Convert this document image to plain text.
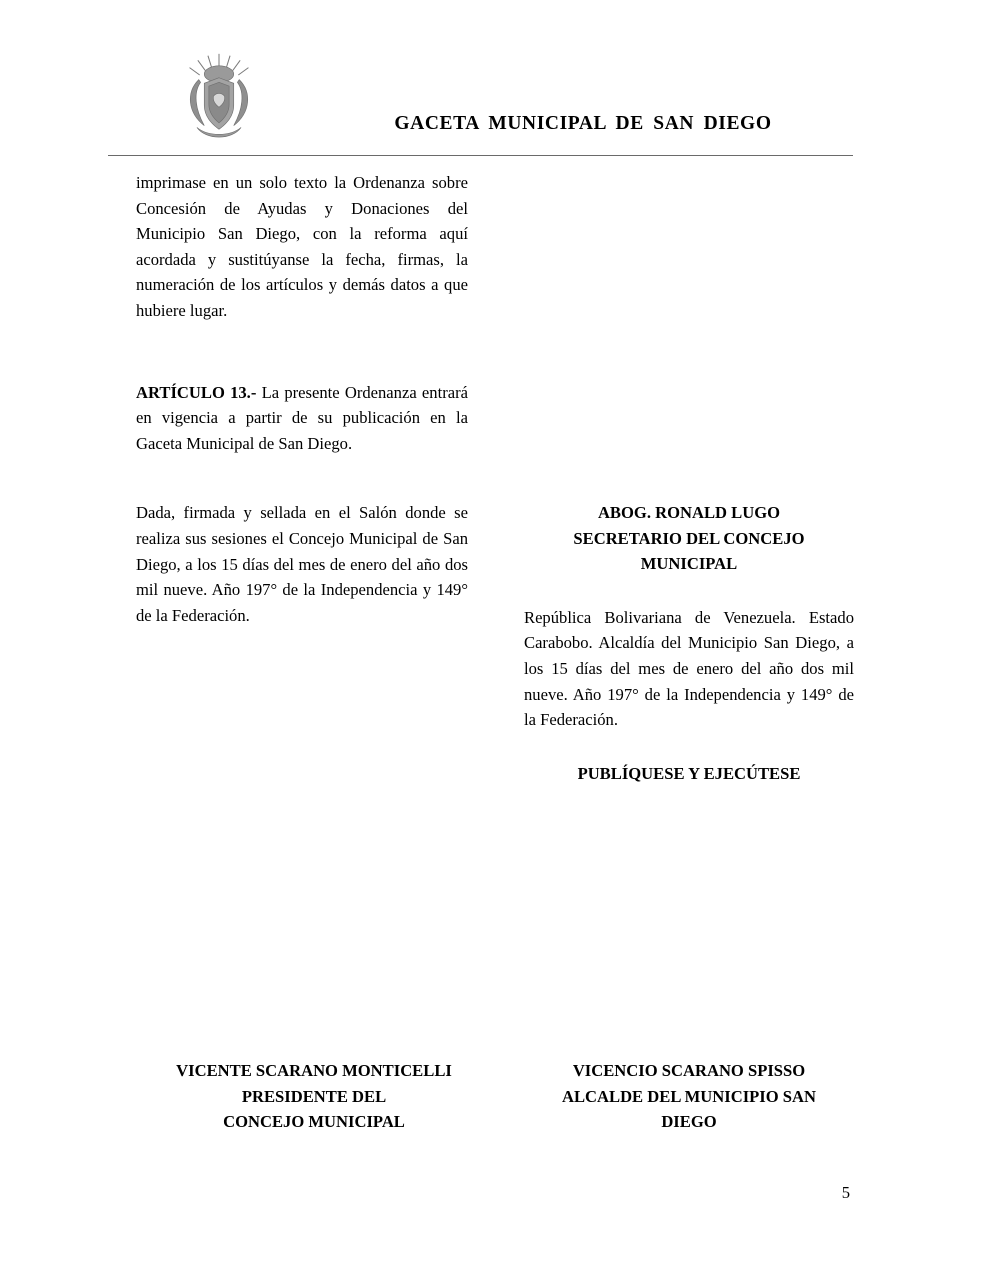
GACETA MUNICIPAL DE SAN DIEGO

imprimase en un solo texto la Ordenanza sobre Concesión de Ayudas y Donaciones del Municipio San Diego, con la reforma aquí acordada y sustitúyanse la fecha, firmas, la numeración de los artículos y demás datos a que hubiere lugar.

ARTÍCULO 13.- La presente Ordenanza entrará en vigencia a partir de su publicación en la Gaceta Municipal de San Diego.

Dada, firmada y sellada en el Salón donde se realiza sus sesiones el Concejo Municipal de San Diego, a los 15 días del mes de enero del año dos mil nueve. Año 197° de la Independencia y 149° de la Federación.

ABOG. RONALD LUGO
SECRETARIO DEL CONCEJO
MUNICIPAL

República Bolivariana de Venezuela. Estado Carabobo. Alcaldía del Municipio San Diego, a los 15 días del mes de enero del año dos mil nueve. Año 197° de la Independencia y 149° de la Federación.

PUBLÍQUESE Y EJECÚTESE
VICENTE SCARANO MONTICELLI
PRESIDENTE DEL
CONCEJO MUNICIPAL
VICENCIO SCARANO SPISSO
ALCALDE DEL MUNICIPIO SAN
DIEGO
5
